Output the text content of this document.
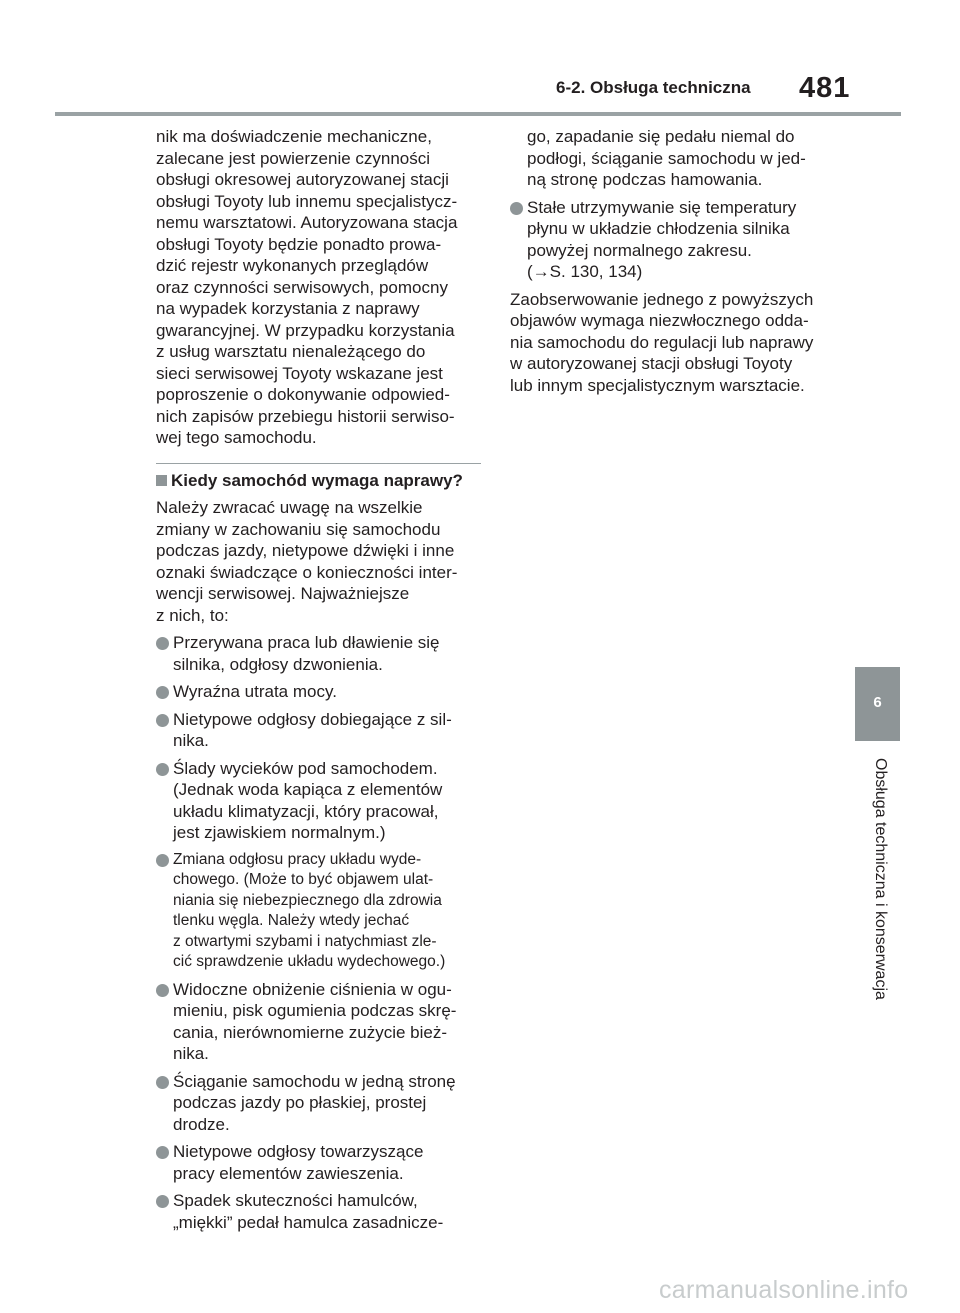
6-2. Obsługa techniczna 481
nik ma doświadczenie mechaniczne,
zalecane jest powierzenie czynności
obsługi okresowej autoryzowanej stacji
obsługi Toyoty lub innemu specjalistycz-
nemu warsztatowi. Autoryzowana stacja
obsługi Toyoty będzie ponadto prowa-
dzić rejestr wykonanych przeglądów
oraz czynności serwisowych, pomocny
na wypadek korzystania z naprawy
gwarancyjnej. W przypadku korzystania
z usług warsztatu nienależącego do
sieci serwisowej Toyoty wskazane jest
poproszenie o dokonywanie odpowied-
nich zapisów przebiegu historii serwiso-
wej tego samochodu.
Kiedy samochód wymaga naprawy?
Należy zwracać uwagę na wszelkie
zmiany w zachowaniu się samochodu
podczas jazdy, nietypowe dźwięki i inne
oznaki świadczące o konieczności inter-
wencji serwisowej. Najważniejsze
z nich, to:
Przerywana praca lub dławienie się
silnika, odgłosy dzwonienia.
Wyraźna utrata mocy.
Nietypowe odgłosy dobiegające z sil-
nika.
Ślady wycieków pod samochodem.
(Jednak woda kapiąca z elementów
układu klimatyzacji, który pracował,
jest zjawiskiem normalnym.)
Zmiana odgłosu pracy układu wyde-
chowego. (Może to być objawem ulat-
niania się niebezpiecznego dla zdrowia
tlenku węgla. Należy wtedy jechać
z otwartymi szybami i natychmiast zle-
cić sprawdzenie układu wydechowego.)
Widoczne obniżenie ciśnienia w ogu-
mieniu, pisk ogumienia podczas skrę-
cania, nierównomierne zużycie bież-
nika.
Ściąganie samochodu w jedną stronę
podczas jazdy po płaskiej, prostej
drodze.
Nietypowe odgłosy towarzyszące
pracy elementów zawieszenia.
Spadek skuteczności hamulców,
„miękki” pedał hamulca zasadnicze-
go, zapadanie się pedału niemal do
podłogi, ściąganie samochodu w jed-
ną stronę podczas hamowania.
Stałe utrzymywanie się temperatury
płynu w układzie chłodzenia silnika
powyżej normalnego zakresu.
(→S. 130, 134)
Zaobserwowanie jednego z powyższych
objawów wymaga niezwłocznego odda-
nia samochodu do regulacji lub naprawy
w autoryzowanej stacji obsługi Toyoty
lub innym specjalistycznym warsztacie.
6
Obsługa techniczna i konserwacja
carmanualsonline.info
